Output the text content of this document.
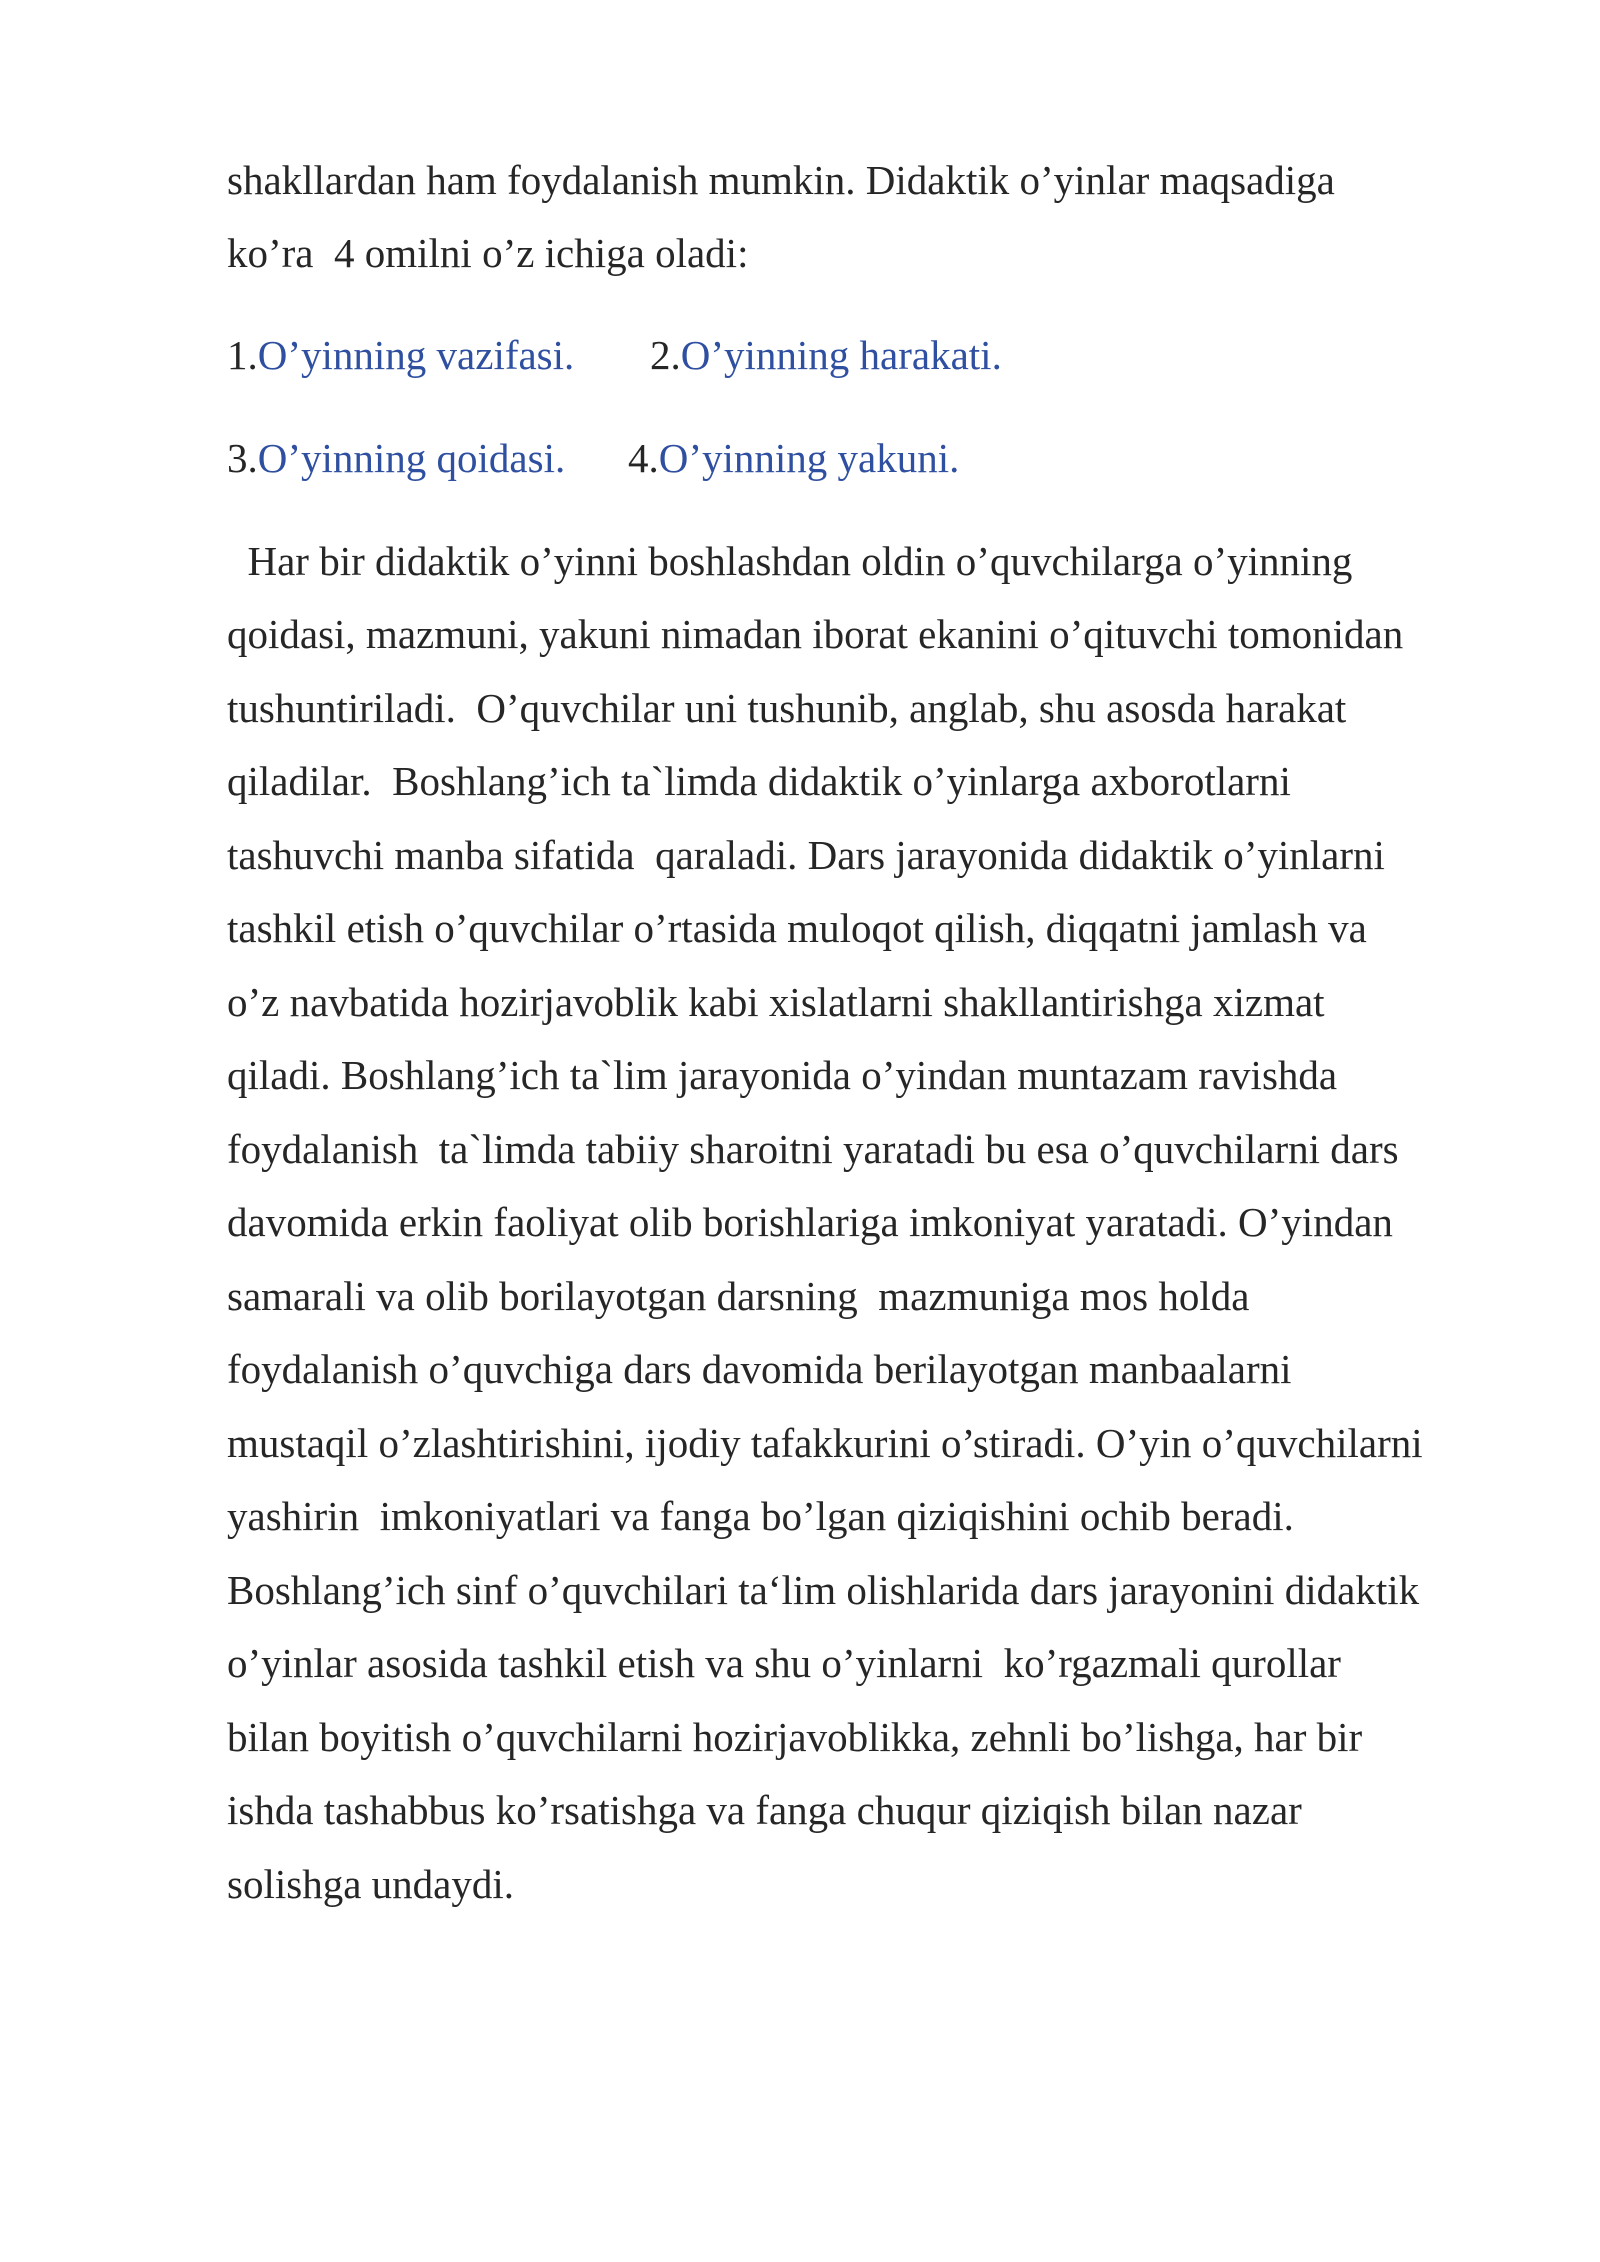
shakllardan ham foydalanish mumkin. Didaktik o’yinlar maqsadiga
ko’ra  4 omilni o’z ichiga oladi:
1.O’yinning vazifasi. 2.O’yinning harakati.
3.O’yinning qoidasi. 4.O’yinning yakuni.
Har bir didaktik o’yinni boshlashdan oldin o’quvchilarga o’yinning
qoidasi, mazmuni, yakuni nimadan iborat ekanini o’qituvchi tomonidan
tushuntiriladi.  O’quvchilar uni tushunib, anglab, shu asosda harakat
qiladilar.  Boshlang’ich ta`limda didaktik o’yinlarga axborotlarni
tashuvchi manba sifatida  qaraladi. Dars jarayonida didaktik o’yinlarni
tashkil etish o’quvchilar o’rtasida muloqot qilish, diqqatni jamlash va
o’z navbatida hozirjavoblik kabi xislatlarni shakllantirishga xizmat
qiladi. Boshlang’ich ta`lim jarayonida o’yindan muntazam ravishda
foydalanish  ta`limda tabiiy sharoitni yaratadi bu esa o’quvchilarni dars
davomida erkin faoliyat olib borishlariga imkoniyat yaratadi. O’yindan
samarali va olib borilayotgan darsning  mazmuniga mos holda
foydalanish o’quvchiga dars davomida berilayotgan manbaalarni
mustaqil o’zlashtirishini, ijodiy tafakkurini o’stiradi. O’yin o’quvchilarni
yashirin  imkoniyatlari va fanga bo’lgan qiziqishini ochib beradi.
Boshlang’ich sinf o’quvchilari ta‘lim olishlarida dars jarayonini didaktik
o’yinlar asosida tashkil etish va shu o’yinlarni  ko’rgazmali qurollar
bilan boyitish o’quvchilarni hozirjavoblikka, zehnli bo’lishga, har bir
ishda tashabbus ko’rsatishga va fanga chuqur qiziqish bilan nazar
solishga undaydi.
